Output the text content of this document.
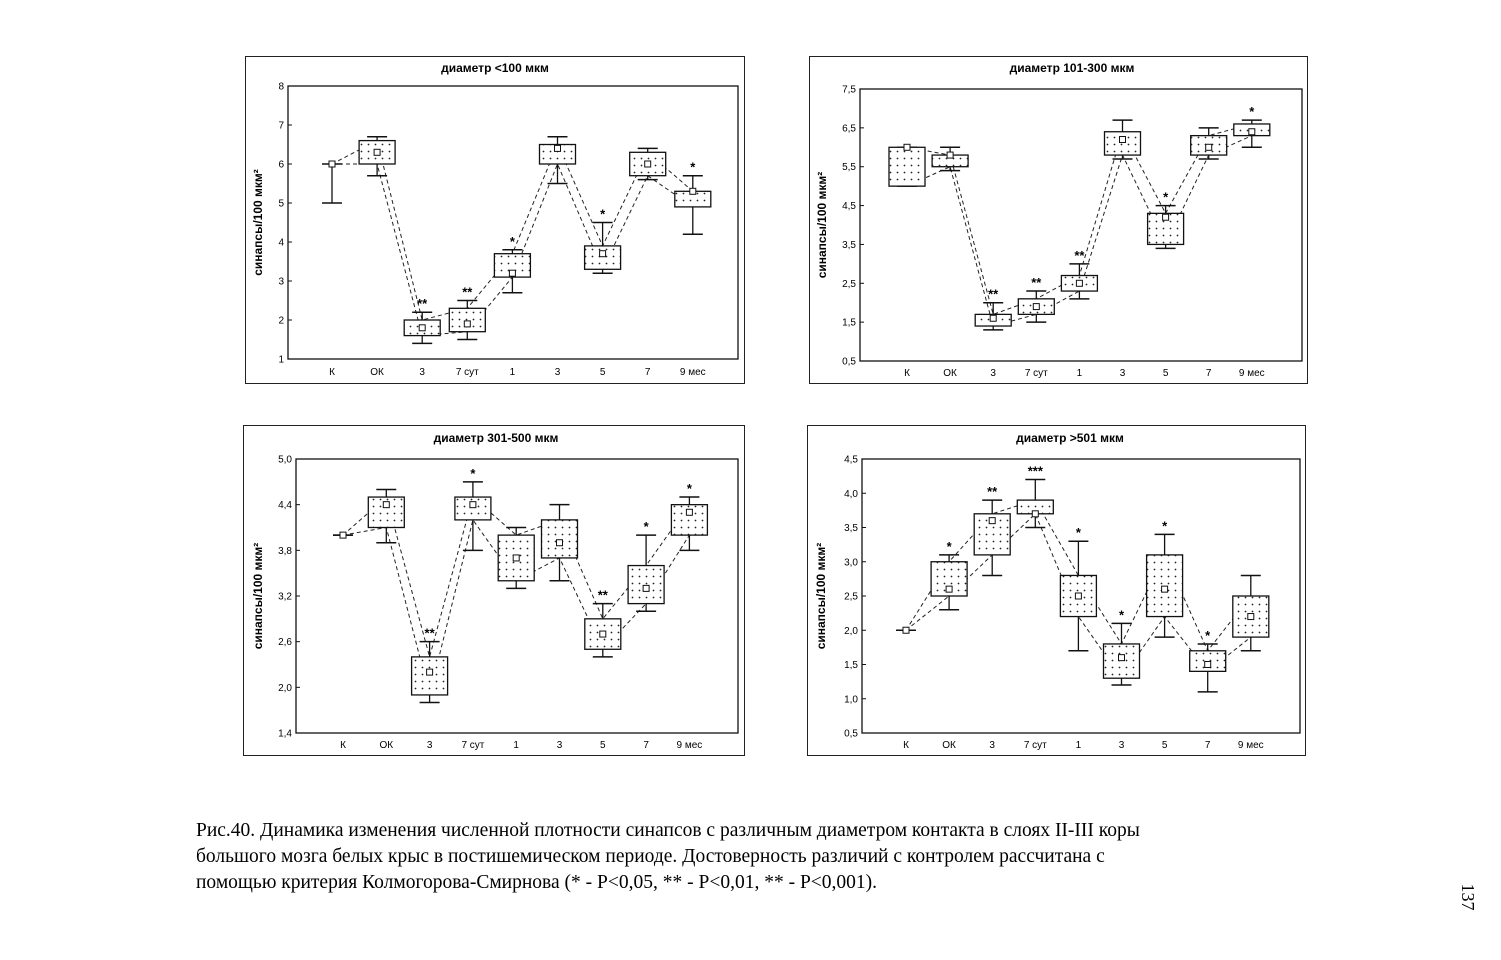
диаметр <100 мкм
синапсы/100 мкм²
1
2
3
4
5
6
7
8
К	ОК	3	7 сут	1	3	5	7	9 мес
**
**
*
*
*
диаметр 101-300 мкм
синапсы/100 мкм²
0,5
1,5
2,5
3,5
4,5
5,5
6,5
7,5
К	ОК	3	7 сут	1	3	5	7	9 мес
**
**
**
*
*
диаметр 301-500 мкм
синапсы/100 мкм²
1,4
2,0
2,6
3,2
3,8
4,4
5,0
К	ОК	3	7 сут	1	3	5	7	9 мес
**
*
**
*
*
диаметр >501 мкм
синапсы/100 мкм²
0,5
1,0
1,5
2,0
2,5
3,0
3,5
4,0
4,5
К	ОК	3	7 сут	1	3	5	7	9 мес
*
**
***
*
*
*
*

Рис.40. Динамика изменения численной плотности синапсов с различным диаметром контакта в слоях II-III коры

большого мозга белых крыс в постишемическом периоде. Достоверность различий с контролем рассчитана с

помощью критерия Колмогорова-Смирнова (* - P<0,05, ** - P<0,01, ** - P<0,001).

137
